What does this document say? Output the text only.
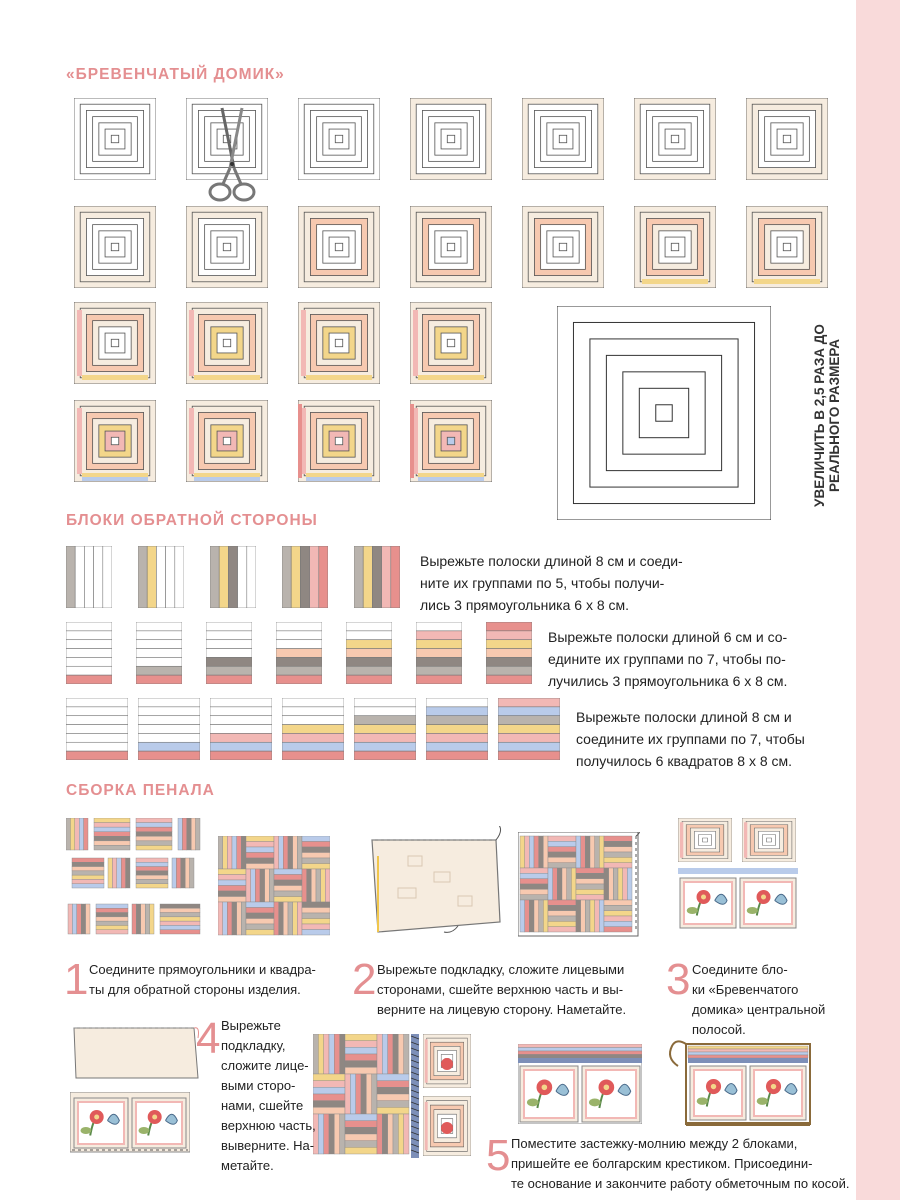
«БРЕВЕНЧАТЫЙ ДОМИК»
БЛОКИ ОБРАТНОЙ СТОРОНЫ
СБОРКА ПЕНАЛА
УВЕЛИЧИТЬ В 2,5 РАЗА ДО РЕАЛЬНОГО РАЗМЕРА
Вырежьте полоски длиной 8 см и соеди-
ните их группами по 5, чтобы получи-
лись 3 прямоугольника 6 х 8 см.
Вырежьте полоски длиной 6 см и со-
едините их группами по 7, чтобы по-
лучились 3 прямоугольника 6 х 8 см.
Вырежьте полоски длиной 8 см и
соедините их группами по 7, чтобы
получилось 6 квадратов 8 х 8 см.
1 Соедините прямоугольники и квадра-
ты для обратной стороны изделия.	2 Вырежьте подкладку, сложите лицевыми
сторонами, сшейте верхнюю часть и вы-
верните на лицевую сторону. Наметайте.
3 Соедините бло-
ки «Бревенчатого
домика» центральной
полосой.
4 Вырежьте
подкладку,
сложите лице-
выми сторо-
нами, сшейте
верхнюю часть,
выверните. На-
метайте.	5 Поместите застежку-молнию между 2 блоками,
пришейте ее болгарским крестиком. Присоедини-
те основание и закончите работу обметочным по косой.
